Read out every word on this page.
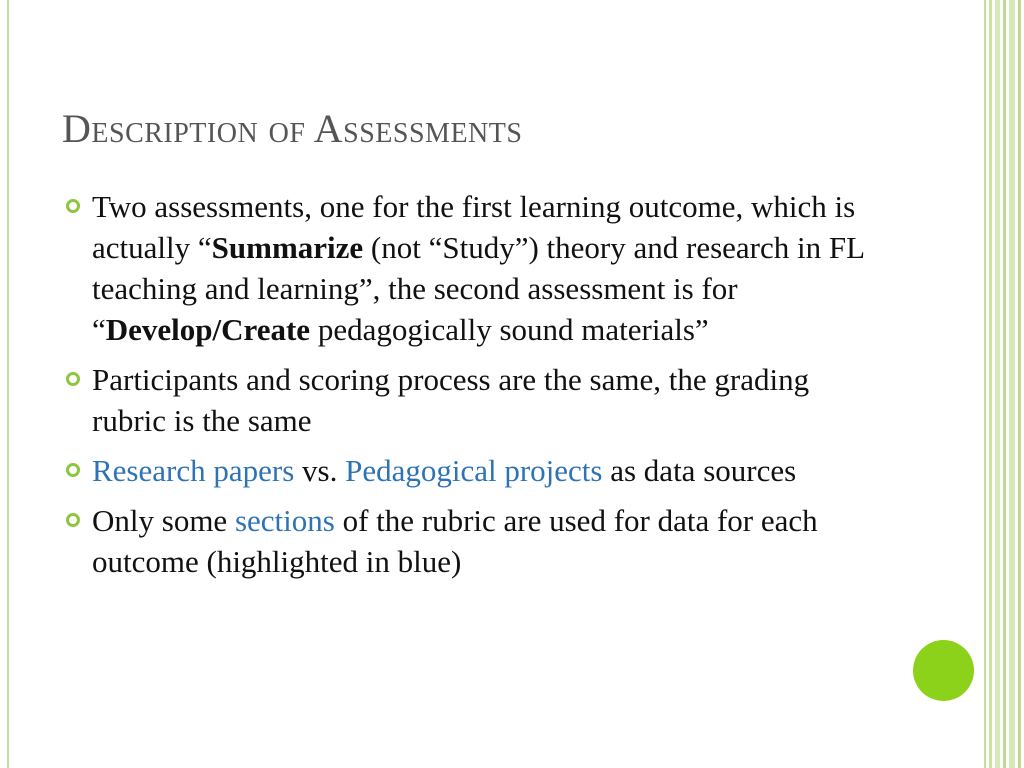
Description of Assessments
Two assessments, one for the first learning outcome, which is actually “Summarize (not “Study”) theory and research in FL teaching and learning”, the second assessment is for “Develop/Create pedagogically sound materials”
Participants and scoring process are the same, the grading rubric is the same
Research papers vs. Pedagogical projects as data sources
Only some sections of the rubric are used for data for each outcome (highlighted in blue)
